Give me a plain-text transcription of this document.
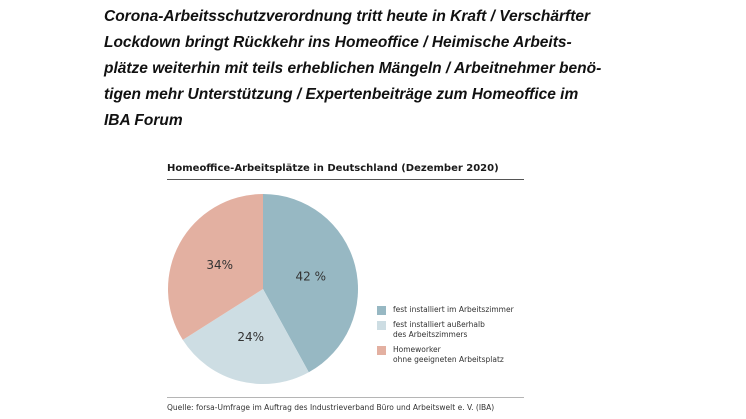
Corona-Arbeitsschutzverordnung tritt heute in Kraft / Verschärfter
Lockdown bringt Rückkehr ins Homeoffice / Heimische Arbeits-
plätze weiterhin mit teils erheblichen Mängeln / Arbeitnehmer benö-
tigen mehr Unterstützung / Expertenbeiträge zum Homeoffice im
IBA Forum
Homeoffice-Arbeitsplätze in Deutschland (Dezember 2020)
42 %
24%
34%
fest installiert im Arbeitszimmer
fest installiert außerhalb
des Arbeitszimmers
Homeworker
ohne geeigneten Arbeitsplatz
Quelle: forsa-Umfrage im Auftrag des Industrieverband Büro und Arbeitswelt e. V. (IBA)
